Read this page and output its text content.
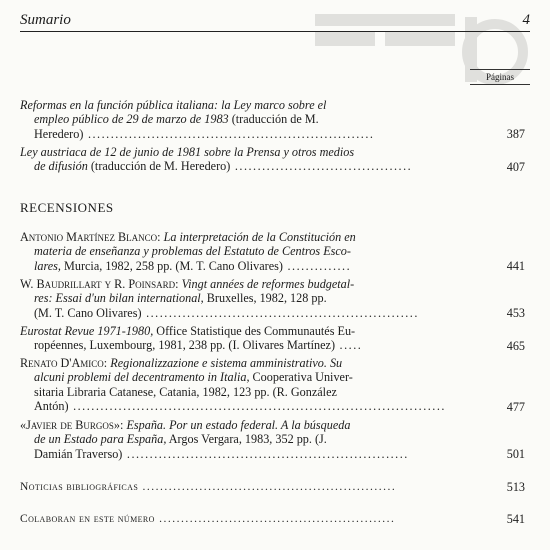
Sumario	4
Páginas
Reformas en la función pública italiana: la Ley marco sobre el
empleo público de 29 de marzo de 1983 (traducción de M.
Heredero) ...............................................................	387
Ley austriaca de 12 de junio de 1981 sobre la Prensa y otros medios
de difusión (traducción de M. Heredero) .......................................	407
RECENSIONES
Antonio Martínez Blanco: La interpretación de la Constitución en
materia de enseñanza y problemas del Estatuto de Centros Esco-
lares, Murcia, 1982, 258 pp. (M. T. Cano Olivares) ..............	441
W. Baudrillart y R. Poinsard: Vingt années de reformes budgetal-
res: Essai d'un bilan international, Bruxelles, 1982, 128 pp.
(M. T. Cano Olivares) ............................................................	453
Eurostat Revue 1971-1980, Office Statistique des Communautés Eu-
ropéennes, Luxembourg, 1981, 238 pp. (I. Olivares Martínez) .....	465
Renato D'Amico: Regionalizzazione e sistema amministrativo. Su
alcuni problemi del decentramento in Italia, Cooperativa Univer-
sitaria Libraria Catanese, Catania, 1982, 123 pp. (R. González
Antón) ..................................................................................	477
«Javier de Burgos»: España. Por un estado federal. A la búsqueda
de un Estado para España, Argos Vergara, 1983, 352 pp. (J.
Damián Traverso) ..............................................................	501
Noticias bibliográficas ..........................................................	513
Colaboran en este número ......................................................	541
